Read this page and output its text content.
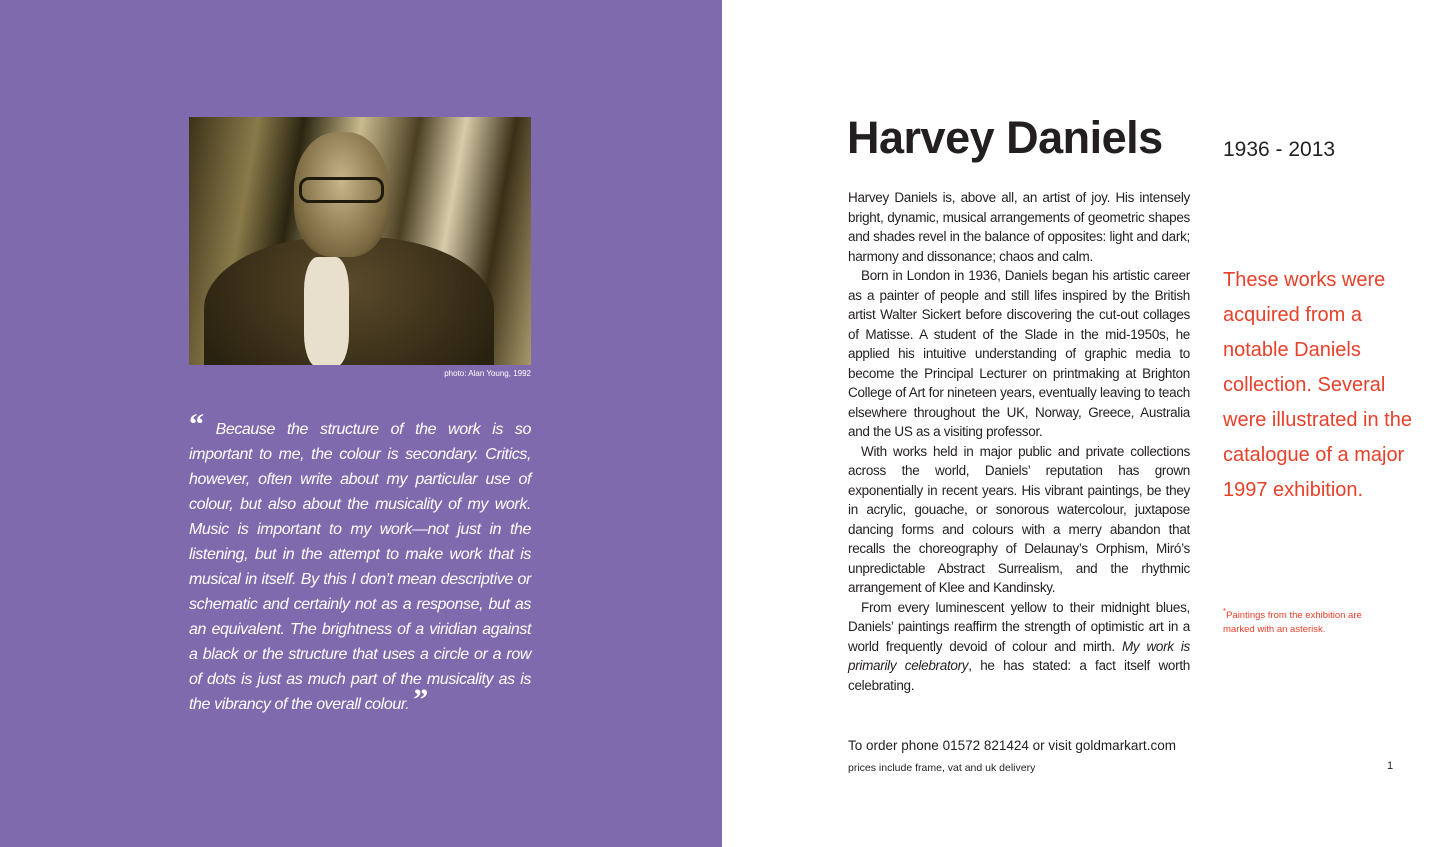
photo: Alan Young, 1992
“ Because the structure of the work is so important to me, the colour is secondary. Critics, however, often write about my particular use of colour, but also about the musicality of my work. Music is important to my work—not just in the listening, but in the attempt to make work that is musical in itself. By this I don’t mean descriptive or schematic and certainly not as a response, but as an equivalent. The brightness of a viridian against a black or the structure that uses a circle or a row of dots is just as much part of the musicality as is the vibrancy of the overall colour. ”
Harvey Daniels	1936 - 2013

Harvey Daniels is, above all, an artist of joy. His intensely bright, dynamic, musical arrangements of geometric shapes and shades revel in the balance of opposites: light and dark; harmony and dissonance; chaos and calm.

Born in London in 1936, Daniels began his artistic career as a painter of people and still lifes inspired by the British artist Walter Sickert before discovering the cut-out collages of Matisse. A student of the Slade in the mid-1950s, he applied his intuitive understanding of graphic media to become the Principal Lecturer on printmaking at Brighton College of Art for nineteen years, eventually leaving to teach elsewhere throughout the UK, Norway, Greece, Australia and the US as a visiting professor.

With works held in major public and private collections across the world, Daniels’ reputation has grown exponentially in recent years. His vibrant paintings, be they in acrylic, gouache, or sonorous watercolour, juxtapose dancing forms and colours with a merry abandon that recalls the choreography of Delaunay’s Orphism, Miró’s unpredictable Abstract Surrealism, and the rhythmic arrangement of Klee and Kandinsky.

From every luminescent yellow to their midnight blues, Daniels’ paintings reaffirm the strength of optimistic art in a world frequently devoid of colour and mirth. My work is primarily celebratory, he has stated: a fact itself worth celebrating.

These works were acquired from a notable Daniels collection. Several were illustrated in the catalogue of a major 1997 exhibition.
*Paintings from the exhibition are marked with an asterisk.
To order phone 01572 821424 or visit goldmarkart.com
prices include frame, vat and uk delivery	1
